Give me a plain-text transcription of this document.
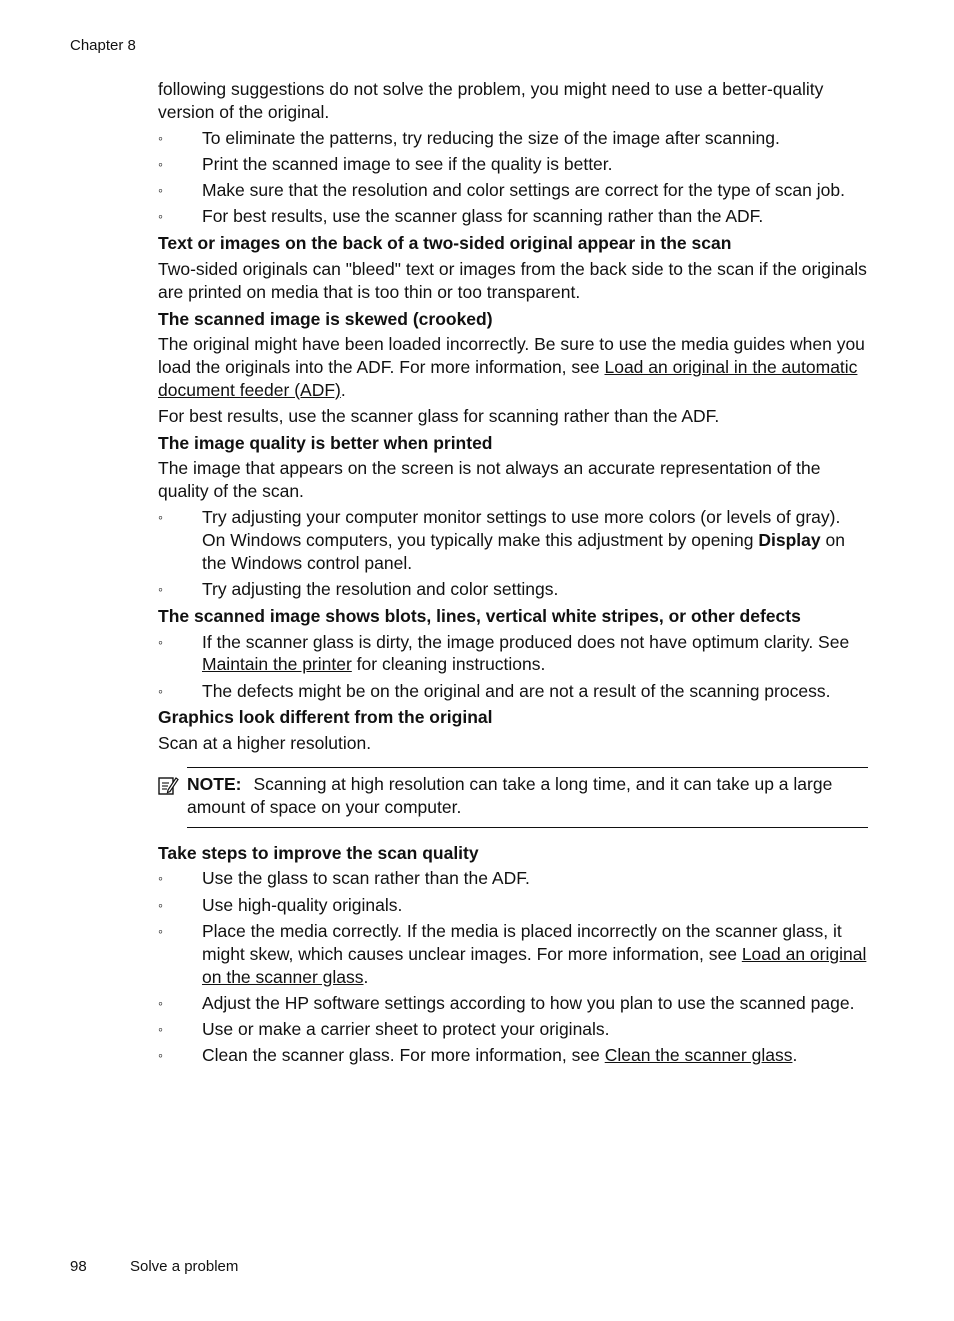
Chapter 8

following suggestions do not solve the problem, you might need to use a better-quality version of the original.

◦	To eliminate the patterns, try reducing the size of the image after scanning.
◦	Print the scanned image to see if the quality is better.
◦	Make sure that the resolution and color settings are correct for the type of scan job.
◦	For best results, use the scanner glass for scanning rather than the ADF.
Text or images on the back of a two-sided original appear in the scan

Two-sided originals can "bleed" text or images from the back side to the scan if the originals are printed on media that is too thin or too transparent.

The scanned image is skewed (crooked)

The original might have been loaded incorrectly. Be sure to use the media guides when you load the originals into the ADF. For more information, see Load an original in the automatic document feeder (ADF).

For best results, use the scanner glass for scanning rather than the ADF.

The image quality is better when printed

The image that appears on the screen is not always an accurate representation of the quality of the scan.

◦	Try adjusting your computer monitor settings to use more colors (or levels of gray). On Windows computers, you typically make this adjustment by opening Display on the Windows control panel.
◦	Try adjusting the resolution and color settings.
The scanned image shows blots, lines, vertical white stripes, or other defects
◦	If the scanner glass is dirty, the image produced does not have optimum clarity. See Maintain the printer for cleaning instructions.
◦	The defects might be on the original and are not a result of the scanning process.
Graphics look different from the original

Scan at a higher resolution.

NOTE: Scanning at high resolution can take a long time, and it can take up a large amount of space on your computer.
Take steps to improve the scan quality
◦	Use the glass to scan rather than the ADF.
◦	Use high-quality originals.
◦	Place the media correctly. If the media is placed incorrectly on the scanner glass, it might skew, which causes unclear images. For more information, see Load an original on the scanner glass.
◦	Adjust the HP software settings according to how you plan to use the scanned page.
◦	Use or make a carrier sheet to protect your originals.
◦	Clean the scanner glass. For more information, see Clean the scanner glass.
98	Solve a problem
